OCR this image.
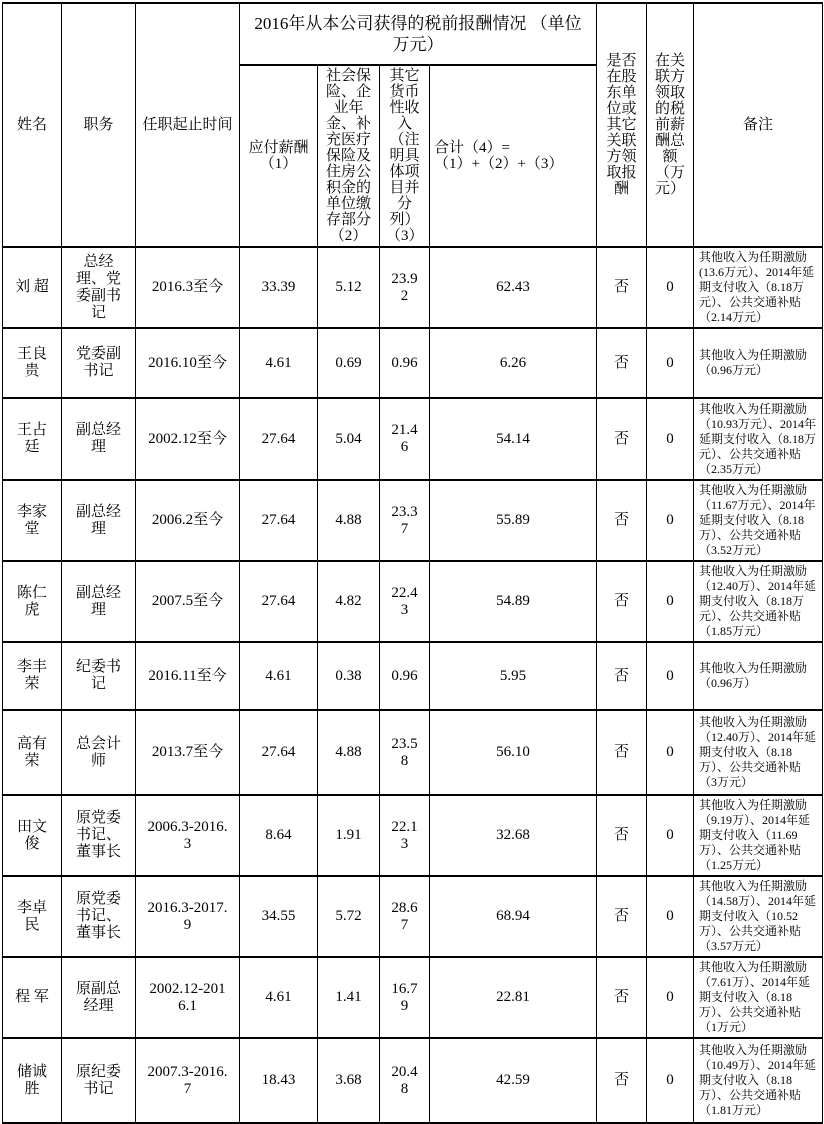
姓名	职务	任职起止时间	2016年从本公司获得的税前报酬情况 （单位万元）				是否在股东单位或其它关联方领取报酬	在关联方领取的税前薪酬总额（万元）	备注
			应付薪酬（1）	社会保险、企业年金、补充医疗保险及住房公积金的单位缴存部分（2）	其它货币性收入（注明具体项目并分列）（3）	合计（4）=（1）+（2）+（3）			
刘 超	总经理、党委副书记	2016.3至今	33.39	5.12	23.92	62.43	否	0	其他收入为任期激励(13.6万元）、2014年延期支付收入（8.18万元）、公共交通补贴（2.14万元）
王良贵	党委副书记	2016.10至今	4.61	0.69	0.96	6.26	否	0	其他收入为任期激励（0.96万元）
王占廷	副总经理	2002.12至今	27.64	5.04	21.46	54.14	否	0	其他收入为任期激励（10.93万元）、2014年延期支付收入（8.18万元）、公共交通补贴（2.35万元）
李家堂	副总经理	2006.2至今	27.64	4.88	23.37	55.89	否	0	其他收入为任期激励（11.67万元）、2014年延期支付收入（8.18万）、公共交通补贴（3.52万元）
陈仁虎	副总经理	2007.5至今	27.64	4.82	22.43	54.89	否	0	其他收入为任期激励（12.40万）、2014年延期支付收入（8.18万元）、公共交通补贴（1.85万元）
李丰荣	纪委书记	2016.11至今	4.61	0.38	0.96	5.95	否	0	其他收入为任期激励（0.96万）
高有荣	总会计师	2013.7至今	27.64	4.88	23.58	56.10	否	0	其他收入为任期激励（12.40万）、2014年延期支付收入（8.18万）、公共交通补贴（3万元）
田文俊	原党委书记、董事长	2006.3-2016.3	8.64	1.91	22.13	32.68	否	0	其他收入为任期激励（9.19万）、2014年延期支付收入（11.69万）、公共交通补贴（1.25万元）
李卓民	原党委书记、董事长	2016.3-2017.9	34.55	5.72	28.67	68.94	否	0	其他收入为任期激励（14.58万）、2014年延期支付收入（10.52万）、公共交通补贴（3.57万元）
程 军	原副总经理	2002.12-2016.1	4.61	1.41	16.79	22.81	否	0	其他收入为任期激励（7.61万）、2014年延期支付收入（8.18万）、公共交通补贴（1万元）
储诚胜	原纪委书记	2007.3-2016.7	18.43	3.68	20.48	42.59	否	0	其他收入为任期激励（10.49万）、2014年延期支付收入（8.18万）、公共交通补贴（1.81万元）
